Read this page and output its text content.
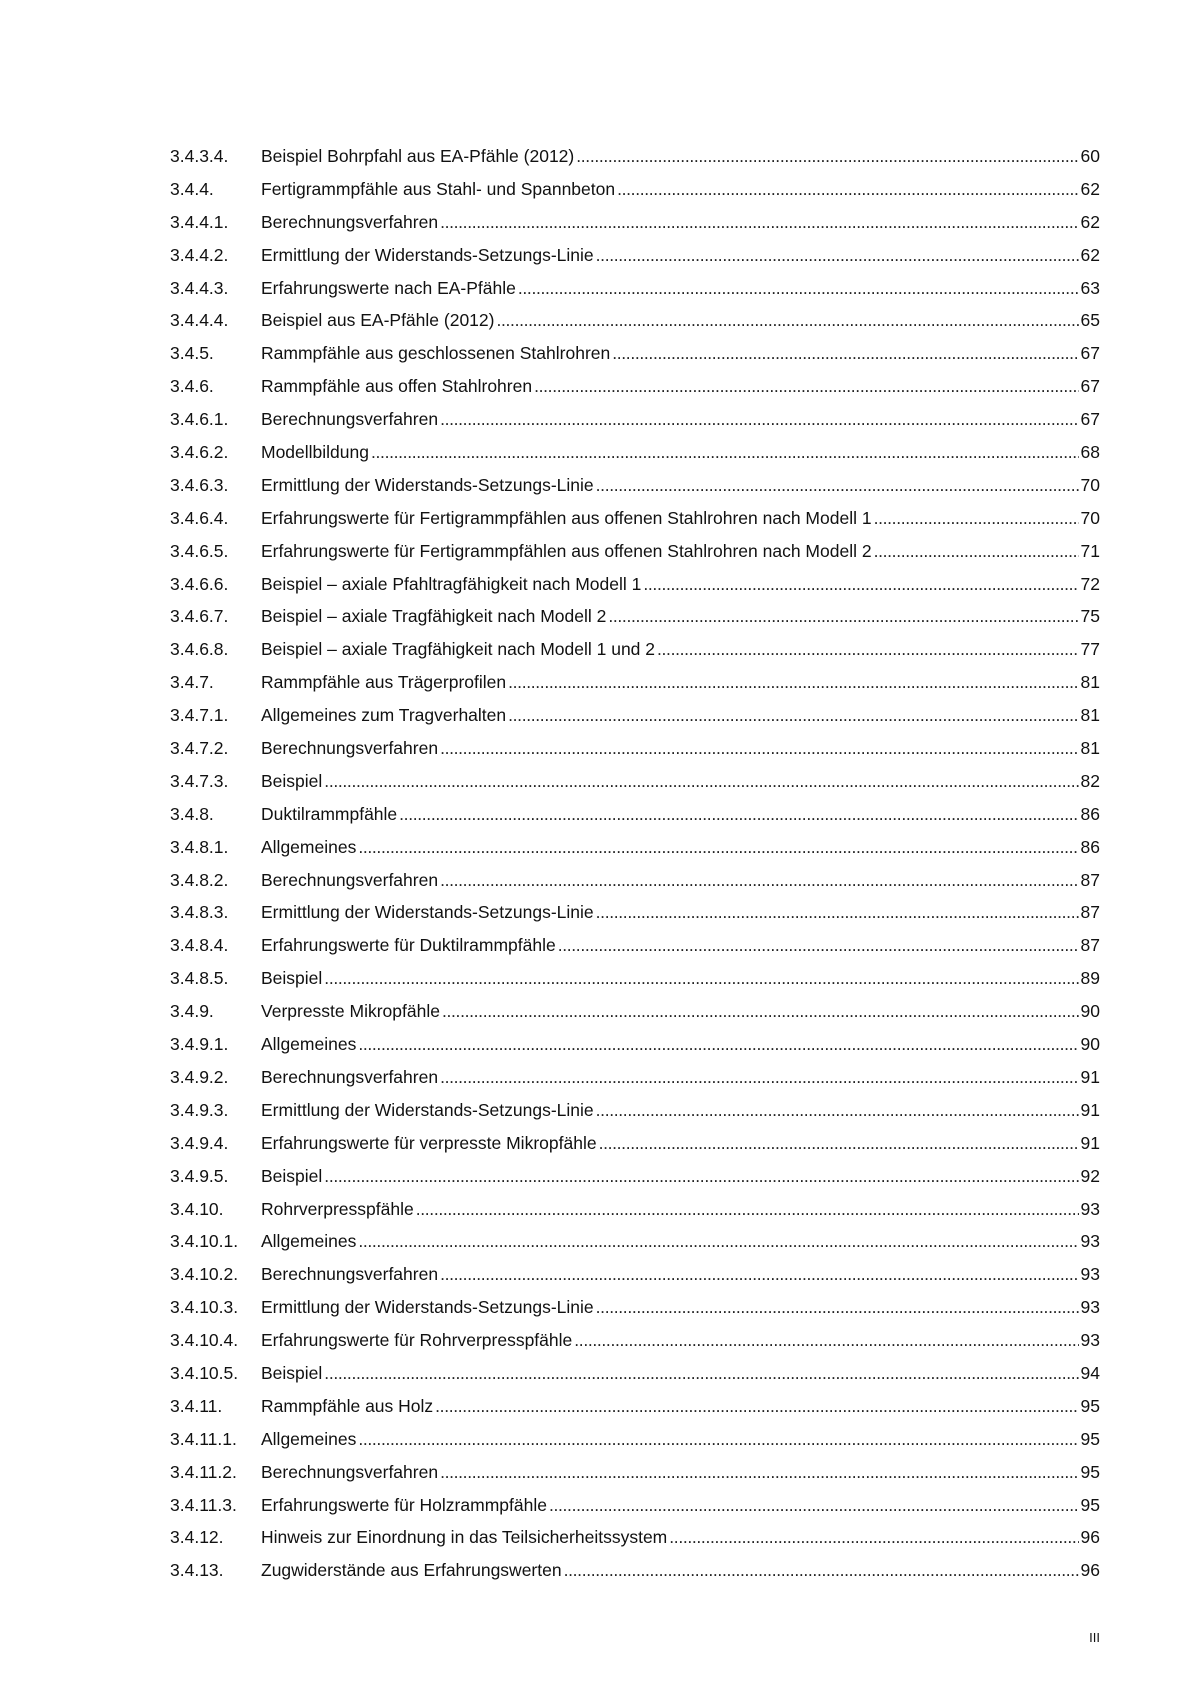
3.4.3.4.	Beispiel Bohrpfahl aus EA-Pfähle (2012) . . .	60
3.4.4.	Fertigrammpfähle aus Stahl- und Spannbeton . . .	62
3.4.4.1.	Berechnungsverfahren . . .	62
3.4.4.2.	Ermittlung der Widerstands-Setzungs-Linie . . .	62
3.4.4.3.	Erfahrungswerte nach EA-Pfähle . . .	63
3.4.4.4.	Beispiel aus EA-Pfähle (2012) . . .	65
3.4.5.	Rammpfähle aus geschlossenen Stahlrohren . . .	67
3.4.6.	Rammpfähle aus offen Stahlrohren . . .	67
3.4.6.1.	Berechnungsverfahren . . .	67
3.4.6.2.	Modellbildung . . .	68
3.4.6.3.	Ermittlung der Widerstands-Setzungs-Linie . . .	70
3.4.6.4.	Erfahrungswerte für Fertigrammpfählen aus offenen Stahlrohren nach Modell 1 . . .	70
3.4.6.5.	Erfahrungswerte für Fertigrammpfählen aus offenen Stahlrohren nach Modell 2 . . .	71
3.4.6.6.	Beispiel – axiale Pfahltragfähigkeit nach Modell 1 . . .	72
3.4.6.7.	Beispiel – axiale Tragfähigkeit nach Modell 2 . . .	75
3.4.6.8.	Beispiel – axiale Tragfähigkeit nach Modell 1 und 2 . . .	77
3.4.7.	Rammpfähle aus Trägerprofilen . . .	81
3.4.7.1.	Allgemeines zum Tragverhalten . . .	81
3.4.7.2.	Berechnungsverfahren . . .	81
3.4.7.3.	Beispiel . . .	82
3.4.8.	Duktilrammpfähle . . .	86
3.4.8.1.	Allgemeines . . .	86
3.4.8.2.	Berechnungsverfahren . . .	87
3.4.8.3.	Ermittlung der Widerstands-Setzungs-Linie . . .	87
3.4.8.4.	Erfahrungswerte für Duktilrammpfähle . . .	87
3.4.8.5.	Beispiel . . .	89
3.4.9.	Verpresste Mikropfähle . . .	90
3.4.9.1.	Allgemeines . . .	90
3.4.9.2.	Berechnungsverfahren . . .	91
3.4.9.3.	Ermittlung der Widerstands-Setzungs-Linie . . .	91
3.4.9.4.	Erfahrungswerte für verpresste Mikropfähle . . .	91
3.4.9.5.	Beispiel . . .	92
3.4.10.	Rohrverpresspfähle . . .	93
3.4.10.1.	Allgemeines . . .	93
3.4.10.2.	Berechnungsverfahren . . .	93
3.4.10.3.	Ermittlung der Widerstands-Setzungs-Linie . . .	93
3.4.10.4.	Erfahrungswerte für Rohrverpresspfähle . . .	93
3.4.10.5.	Beispiel . . .	94
3.4.11.	Rammpfähle aus Holz . . .	95
3.4.11.1.	Allgemeines . . .	95
3.4.11.2.	Berechnungsverfahren . . .	95
3.4.11.3.	Erfahrungswerte für Holzrammpfähle . . .	95
3.4.12.	Hinweis zur Einordnung in das Teilsicherheitssystem . . .	96
3.4.13.	Zugwiderstände aus Erfahrungswerten . . .	96
III
